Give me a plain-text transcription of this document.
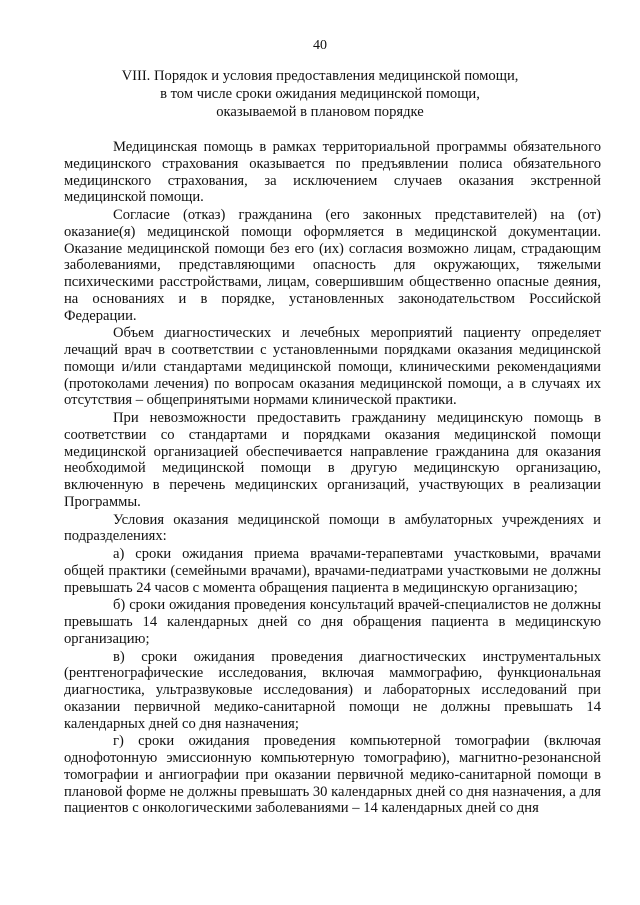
40
VIII. Порядок и условия предоставления медицинской помощи,
в том числе сроки ожидания медицинской помощи,
оказываемой в плановом порядке

Медицинская помощь в рамках территориальной программы обязательного медицинского страхования оказывается по предъявлении полиса обязательного медицинского страхования, за исключением случаев оказания экстренной медицинской помощи.

Согласие (отказ) гражданина (его законных представителей) на (от) оказание(я) медицинской помощи оформляется в медицинской документации. Оказание медицинской помощи без его (их) согласия возможно лицам, страдающим заболеваниями, представляющими опасность для окружающих, тяжелыми психическими расстройствами, лицам, совершившим общественно опасные деяния, на основаниях и в порядке, установленных законодательством Российской Федерации.

Объем диагностических и лечебных мероприятий пациенту определяет лечащий врач в соответствии с установленными порядками оказания медицинской помощи и/или стандартами медицинской помощи, клиническими рекомендациями (протоколами лечения) по вопросам оказания медицинской помощи, а в случаях их отсутствия – общепринятыми нормами клинической практики.

При невозможности предоставить гражданину медицинскую помощь в соответствии со стандартами и порядками оказания медицинской помощи медицинской организацией обеспечивается направление гражданина для оказания необходимой медицинской помощи в другую медицинскую организацию, включенную в перечень медицинских организаций, участвующих в реализации Программы.

Условия оказания медицинской помощи в амбулаторных учреждениях и подразделениях:

а) сроки ожидания приема врачами-терапевтами участковыми, врачами общей практики (семейными врачами), врачами-педиатрами участковыми не должны превышать 24 часов с момента обращения пациента в медицинскую организацию;

б) сроки ожидания проведения консультаций врачей-специалистов не должны превышать 14 календарных дней со дня обращения пациента в медицинскую организацию;

в) сроки ожидания проведения диагностических инструментальных (рентгенографические исследования, включая маммографию, функциональная диагностика, ультразвуковые исследования) и лабораторных исследований при оказании первичной медико-санитарной помощи не должны превышать 14 календарных дней со дня назначения;

г) сроки ожидания проведения компьютерной томографии (включая однофотонную эмиссионную компьютерную томографию), магнитно-резонансной томографии и ангиографии при оказании первичной медико-санитарной помощи в плановой форме не должны превышать 30 календарных дней со дня назначения, а для пациентов с онкологическими заболеваниями – 14 календарных дней со дня
